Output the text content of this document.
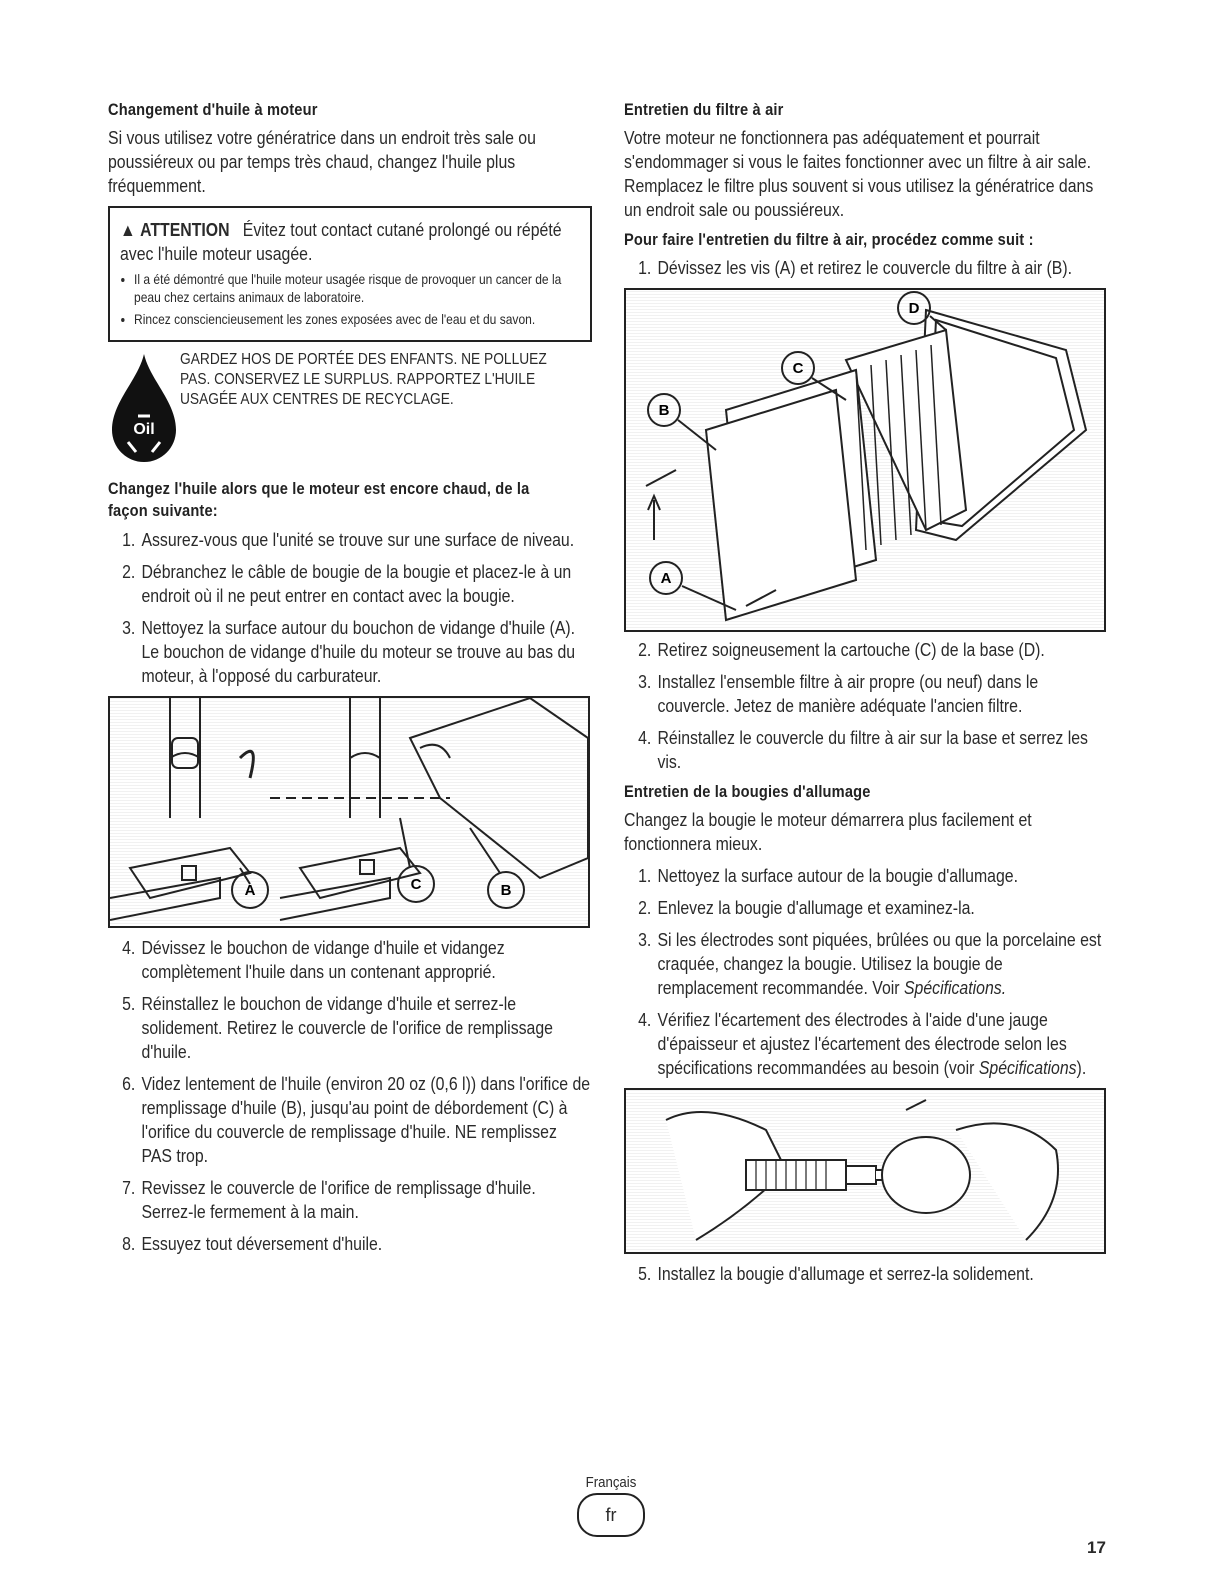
Changement d'huile à moteur
Si vous utilisez votre génératrice dans un endroit très sale ou poussiéreux ou par temps très chaud, changez l'huile plus fréquemment.
▲ ATTENTION Évitez tout contact cutané prolongé ou répété avec l'huile moteur usagée.
• Il a été démontré que l'huile moteur usagée risque de provoquer un cancer de la peau chez certains animaux de laboratoire.
• Rincez consciencieusement les zones exposées avec de l'eau et du savon.
Oil
GARDEZ HOS DE PORTÉE DES ENFANTS. NE POLLUEZ PAS. CONSERVEZ LE SURPLUS. RAPPORTEZ L'HUILE USAGÉE AUX CENTRES DE RECYCLAGE.
Changez l'huile alors que le moteur est encore chaud, de la façon suivante:
1. Assurez-vous que l'unité se trouve sur une surface de niveau.
2. Débranchez le câble de bougie de la bougie et placez-le à un endroit où il ne peut entrer en contact avec la bougie.
3. Nettoyez la surface autour du bouchon de vidange d'huile (A). Le bouchon de vidange d'huile du moteur se trouve au bas du moteur, à l'opposé du carburateur.
A	C	B
4. Dévissez le bouchon de vidange d'huile et vidangez complètement l'huile dans un contenant approprié.
5. Réinstallez le bouchon de vidange d'huile et serrez-le solidement. Retirez le couvercle de l'orifice de remplissage d'huile.
6. Videz lentement de l'huile (environ 20 oz (0,6 l)) dans l'orifice de remplissage d'huile (B), jusqu'au point de débordement (C) à l'orifice du couvercle de remplissage d'huile. NE remplissez PAS trop.
7. Revissez le couvercle de l'orifice de remplissage d'huile. Serrez-le fermement à la main.
8. Essuyez tout déversement d'huile.
Entretien du filtre à air
Votre moteur ne fonctionnera pas adéquatement et pourrait s'endommager si vous le faites fonctionner avec un filtre à air sale. Remplacez le filtre plus souvent si vous utilisez la génératrice dans un endroit sale ou poussiéreux.
Pour faire l'entretien du filtre à air, procédez comme suit :
1. Dévissez les vis (A) et retirez le couvercle du filtre à air (B).
D
C
B
A
2. Retirez soigneusement la cartouche (C) de la base (D).
3. Installez l'ensemble filtre à air propre (ou neuf) dans le couvercle. Jetez de manière adéquate l'ancien filtre.
4. Réinstallez le couvercle du filtre à air sur la base et serrez les vis.
Entretien de la bougies d'allumage
Changez la bougie le moteur démarrera plus facilement et fonctionnera mieux.
1. Nettoyez la surface autour de la bougie d'allumage.
2. Enlevez la bougie d'allumage et examinez-la.
3. Si les électrodes sont piquées, brûlées ou que la porcelaine est craquée, changez la bougie. Utilisez la bougie de remplacement recommandée. Voir Spécifications.
4. Vérifiez l'écartement des électrodes à l'aide d'une jauge d'épaisseur et ajustez l'écartement des électrode selon les spécifications recommandées au besoin (voir Spécifications).
5. Installez la bougie d'allumage et serrez-la solidement.
Français
fr
17
